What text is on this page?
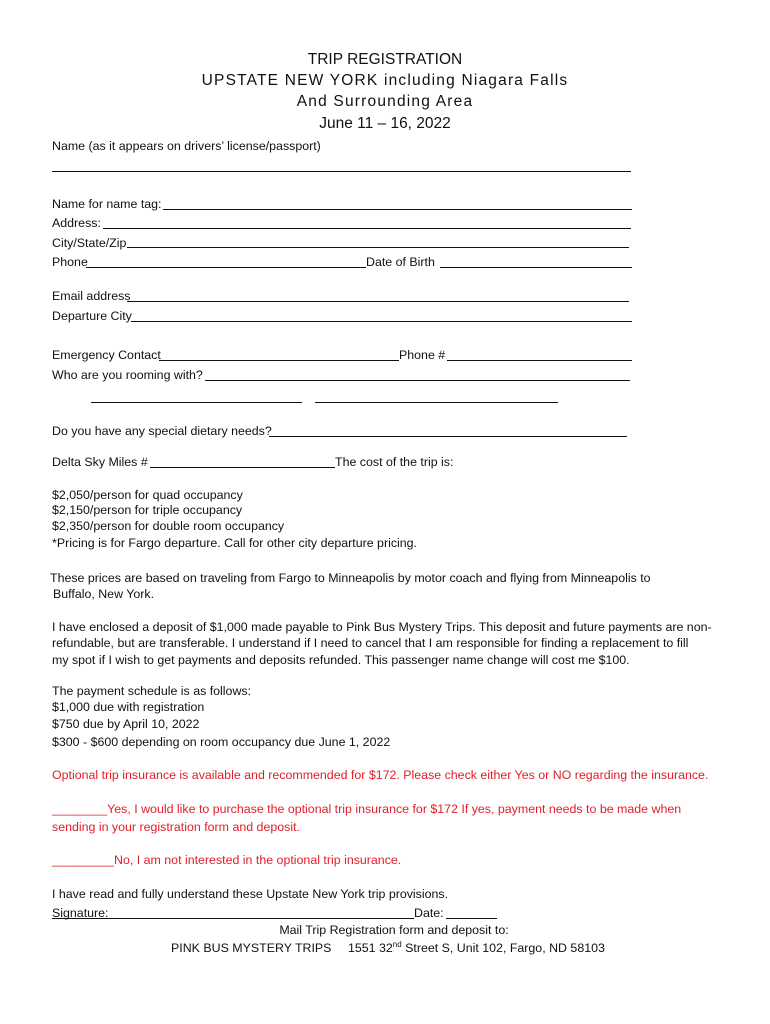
TRIP REGISTRATION
UPSTATE NEW YORK including Niagara Falls
And Surrounding Area
June 11 – 16, 2022
Name (as it appears on drivers’ license/passport)
Name for name tag:
Address:
City/State/Zip
Phone	Date of Birth
Email address
Departure City
Emergency Contact	Phone #
Who are you rooming with?
Do you have any special dietary needs?
Delta Sky Miles #	The cost of the trip is:
$2,050/person for quad occupancy
$2,150/person for triple occupancy
$2,350/person for double room occupancy
*Pricing is for Fargo departure. Call for other city departure pricing.
These prices are based on traveling from Fargo to Minneapolis by motor coach and flying from Minneapolis to
Buffalo, New York.
I have enclosed a deposit of $1,000 made payable to Pink Bus Mystery Trips. This deposit and future payments are non-
refundable, but are transferable. I understand if I need to cancel that I am responsible for finding a replacement to fill
my spot if I wish to get payments and deposits refunded. This passenger name change will cost me $100.
The payment schedule is as follows:
$1,000 due with registration
$750 due by April 10, 2022
$300 - $600 depending on room occupancy due June 1, 2022
Optional trip insurance is available and recommended for $172. Please check either Yes or NO regarding the insurance.
________Yes, I would like to purchase the optional trip insurance for $172 If yes, payment needs to be made when
sending in your registration form and deposit.
_________No, I am not interested in the optional trip insurance.
I have read and fully understand these Upstate New York trip provisions.
Signature:	Date:
Mail Trip Registration form and deposit to:
PINK BUS MYSTERY TRIPS 1551 32nd Street S, Unit 102, Fargo, ND 58103
